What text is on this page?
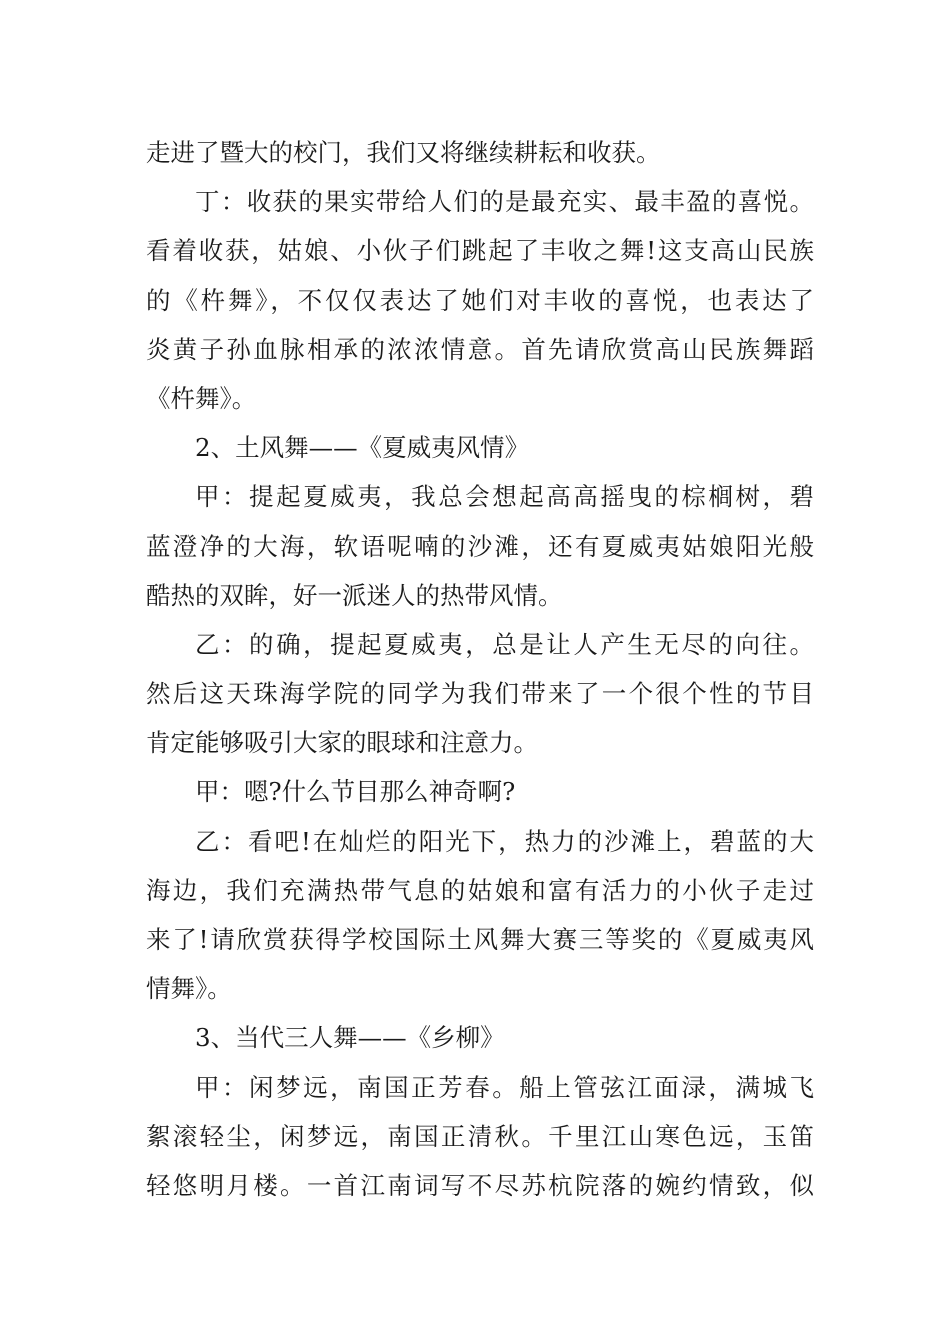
走进了暨大的校门，我们又将继续耕耘和收获。
丁：收获的果实带给人们的是最充实、最丰盈的喜悦。
看着收获，姑娘、小伙子们跳起了丰收之舞!这支高山民族
的《杵舞》，不仅仅表达了她们对丰收的喜悦，也表达了
炎黄子孙血脉相承的浓浓情意。首先请欣赏高山民族舞蹈
《杵舞》。
2、土风舞——《夏威夷风情》
甲：提起夏威夷，我总会想起高高摇曳的棕榈树，碧
蓝澄净的大海，软语呢喃的沙滩，还有夏威夷姑娘阳光般
酷热的双眸，好一派迷人的热带风情。
乙：的确，提起夏威夷，总是让人产生无尽的向往。
然后这天珠海学院的同学为我们带来了一个很个性的节目
肯定能够吸引大家的眼球和注意力。
甲：嗯?什么节目那么神奇啊?
乙：看吧!在灿烂的阳光下，热力的沙滩上，碧蓝的大
海边，我们充满热带气息的姑娘和富有活力的小伙子走过
来了!请欣赏获得学校国际土风舞大赛三等奖的《夏威夷风
情舞》。
3、当代三人舞——《乡柳》
甲：闲梦远，南国正芳春。船上管弦江面渌，满城飞
絮滚轻尘，闲梦远，南国正清秋。千里江山寒色远，玉笛
轻悠明月楼。一首江南词写不尽苏杭院落的婉约情致，似
